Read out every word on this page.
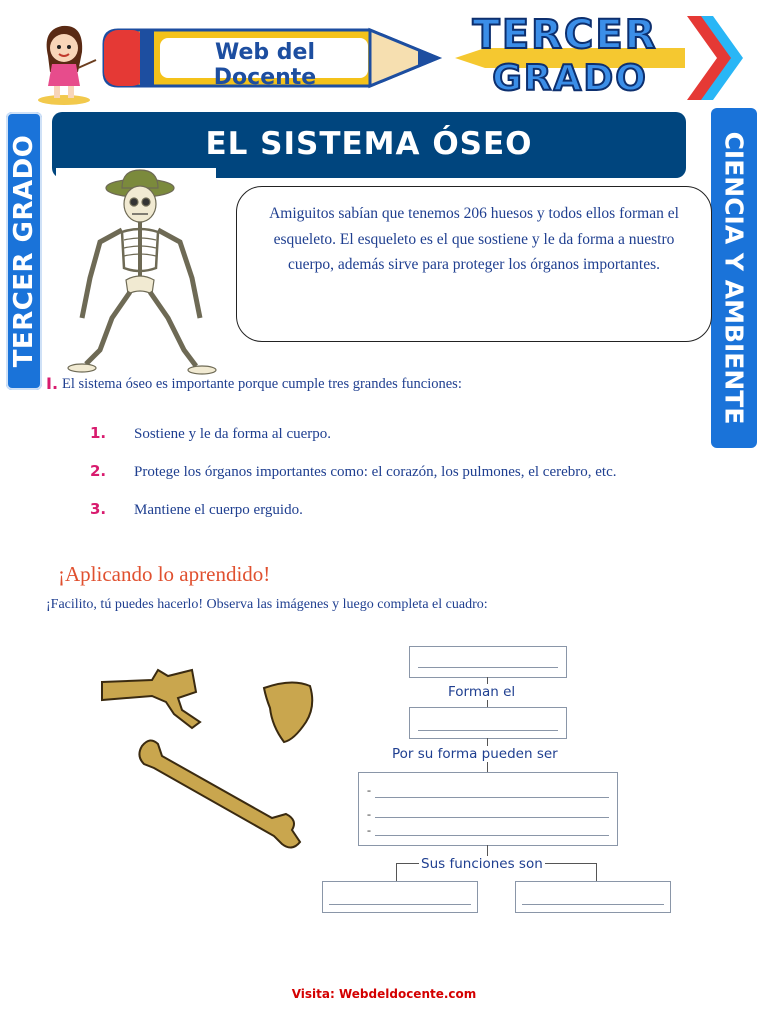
Web del Docente
TERCER
GRADO
TERCER GRADO	CIENCIA Y AMBIENTE
EL SISTEMA ÓSEO

Amiguitos sabían que tenemos 206 huesos y todos ellos forman el esqueleto. El esqueleto es el que sostiene y le da forma a nuestro cuerpo, además sirve para proteger los órganos importantes.

I. El sistema óseo es importante porque cumple tres grandes funciones:
1. Sostiene y le da forma al cuerpo.
2. Protege los órganos importantes como: el corazón, los pulmones, el cerebro, etc.
3. Mantiene el cuerpo erguido.
¡Aplicando lo aprendido!
¡Facilito, tú puedes hacerlo! Observa las imágenes y luego completa el cuadro:
Forman el
Por su forma pueden ser
-
-
-
Sus funciones son
Visita: Webdeldocente.com
